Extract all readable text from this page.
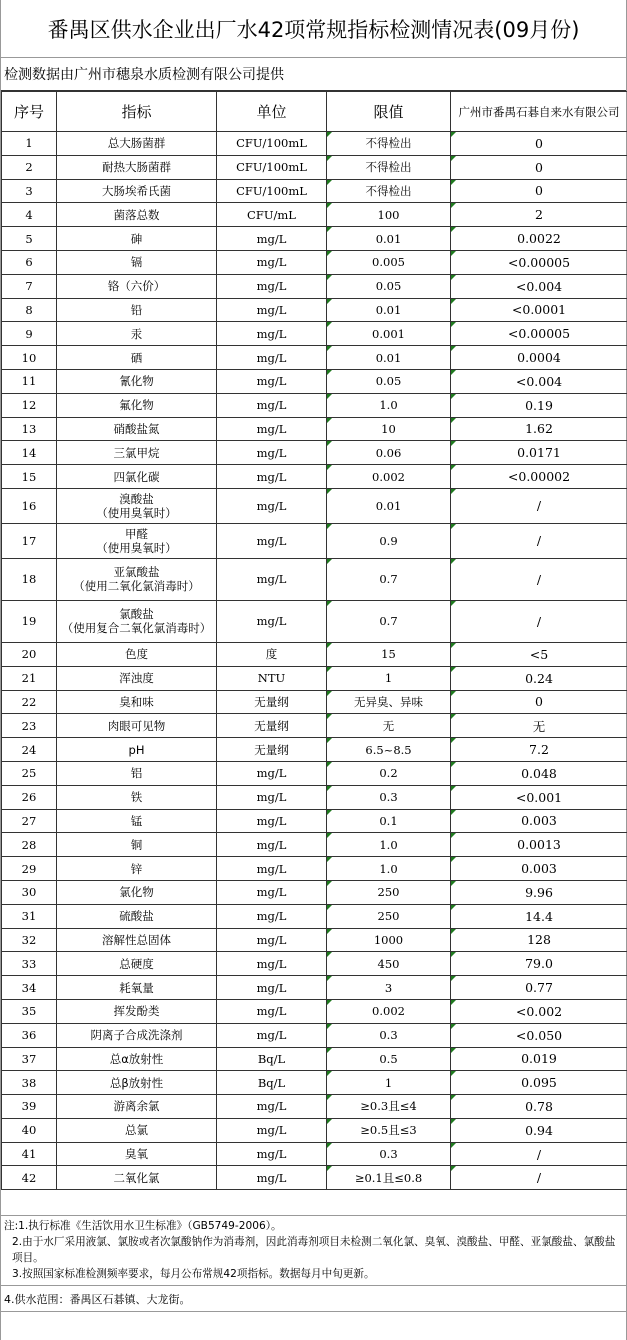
番禺区供水企业出厂水42项常规指标检测情况表(09月份)
检测数据由广州市穗泉水质检测有限公司提供
序号	指标	单位	限值	广州市番禺石碁自来水有限公司
1	总大肠菌群	CFU/100mL	不得检出	0
2	耐热大肠菌群	CFU/100mL	不得检出	0
3	大肠埃希氏菌	CFU/100mL	不得检出	0
4	菌落总数	CFU/mL	100	2
5	砷	mg/L	0.01	0.0022
6	镉	mg/L	0.005	<0.00005
7	铬（六价）	mg/L	0.05	<0.004
8	铅	mg/L	0.01	<0.0001
9	汞	mg/L	0.001	<0.00005
10	硒	mg/L	0.01	0.0004
11	氰化物	mg/L	0.05	<0.004
12	氟化物	mg/L	1.0	0.19
13	硝酸盐氮	mg/L	10	1.62
14	三氯甲烷	mg/L	0.06	0.0171
15	四氯化碳	mg/L	0.002	<0.00002
16	溴酸盐
（使用臭氧时）	mg/L	0.01	/
17	甲醛
（使用臭氧时）	mg/L	0.9	/
18	亚氯酸盐
（使用二氧化氯消毒时）	mg/L	0.7	/
19	氯酸盐
（使用复合二氧化氯消毒时）	mg/L	0.7	/
20	色度	度	15	<5
21	浑浊度	NTU	1	0.24
22	臭和味	无量纲	无异臭、异味	0
23	肉眼可见物	无量纲	无	无
24	pH	无量纲	6.5~8.5	7.2
25	铝	mg/L	0.2	0.048
26	铁	mg/L	0.3	<0.001
27	锰	mg/L	0.1	0.003
28	铜	mg/L	1.0	0.0013
29	锌	mg/L	1.0	0.003
30	氯化物	mg/L	250	9.96
31	硫酸盐	mg/L	250	14.4
32	溶解性总固体	mg/L	1000	128
33	总硬度	mg/L	450	79.0
34	耗氧量	mg/L	3	0.77
35	挥发酚类	mg/L	0.002	<0.002
36	阴离子合成洗涤剂	mg/L	0.3	<0.050
37	总α放射性	Bq/L	0.5	0.019
38	总β放射性	Bq/L	1	0.095
39	游离余氯	mg/L	≥0.3且≤4	0.78
40	总氯	mg/L	≥0.5且≤3	0.94
41	臭氧	mg/L	0.3	/
42	二氧化氯	mg/L	≥0.1且≤0.8	/
注:1.执行标准《生活饮用水卫生标准》（GB5749-2006）。
2.由于水厂采用液氯、氯胺或者次氯酸钠作为消毒剂，因此消毒剂项目未检测二氧化氯、臭氧、溴酸盐、甲醛、亚氯酸盐、氯酸盐项目。
3.按照国家标准检测频率要求，每月公布常规42项指标。数据每月中旬更新。
4.供水范围：番禺区石碁镇、大龙街。
